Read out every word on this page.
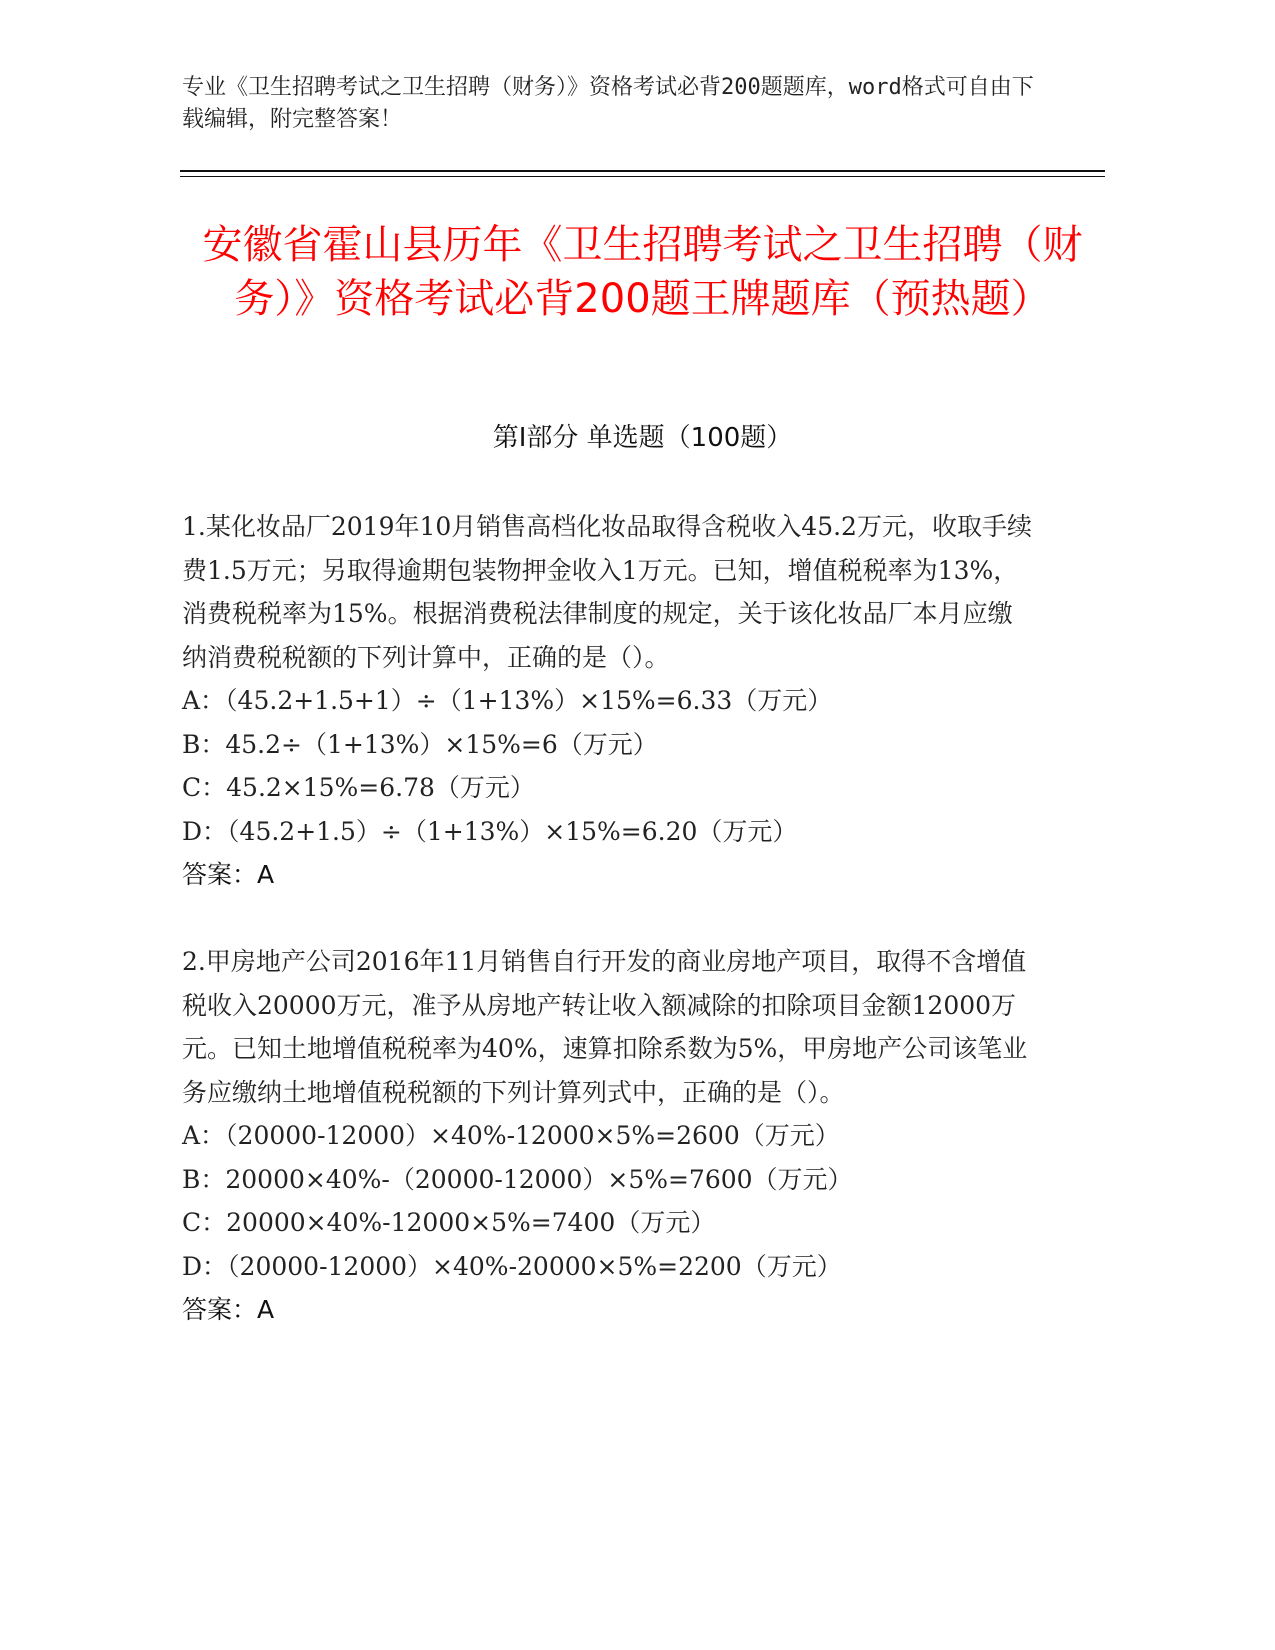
专业《卫生招聘考试之卫生招聘（财务）》资格考试必背200题题库，word格式可自由下载编辑，附完整答案！

安徽省霍山县历年《卫生招聘考试之卫生招聘（财务）》资格考试必背200题王牌题库（预热题）
第I部分 单选题（100题）

1.某化妆品厂2019年10月销售高档化妆品取得含税收入45.2万元，收取手续费1.5万元；另取得逾期包装物押金收入1万元。已知，增值税税率为13%，消费税税率为15%。根据消费税法律制度的规定，关于该化妆品厂本月应缴纳消费税税额的下列计算中，正确的是（）。

A：（45.2+1.5+1）÷（1+13%）×15%=6.33（万元）

B：45.2÷（1+13%）×15%=6（万元）

C：45.2×15%=6.78（万元）

D：（45.2+1.5）÷（1+13%）×15%=6.20（万元）

答案：A

2.甲房地产公司2016年11月销售自行开发的商业房地产项目，取得不含增值税收入20000万元，准予从房地产转让收入额减除的扣除项目金额12000万元。已知土地增值税税率为40%，速算扣除系数为5%，甲房地产公司该笔业务应缴纳土地增值税税额的下列计算列式中，正确的是（）。

A：（20000-12000）×40%-12000×5%=2600（万元）

B：20000×40%-（20000-12000）×5%=7600（万元）

C：20000×40%-12000×5%=7400（万元）

D：（20000-12000）×40%-20000×5%=2200（万元）

答案：A
